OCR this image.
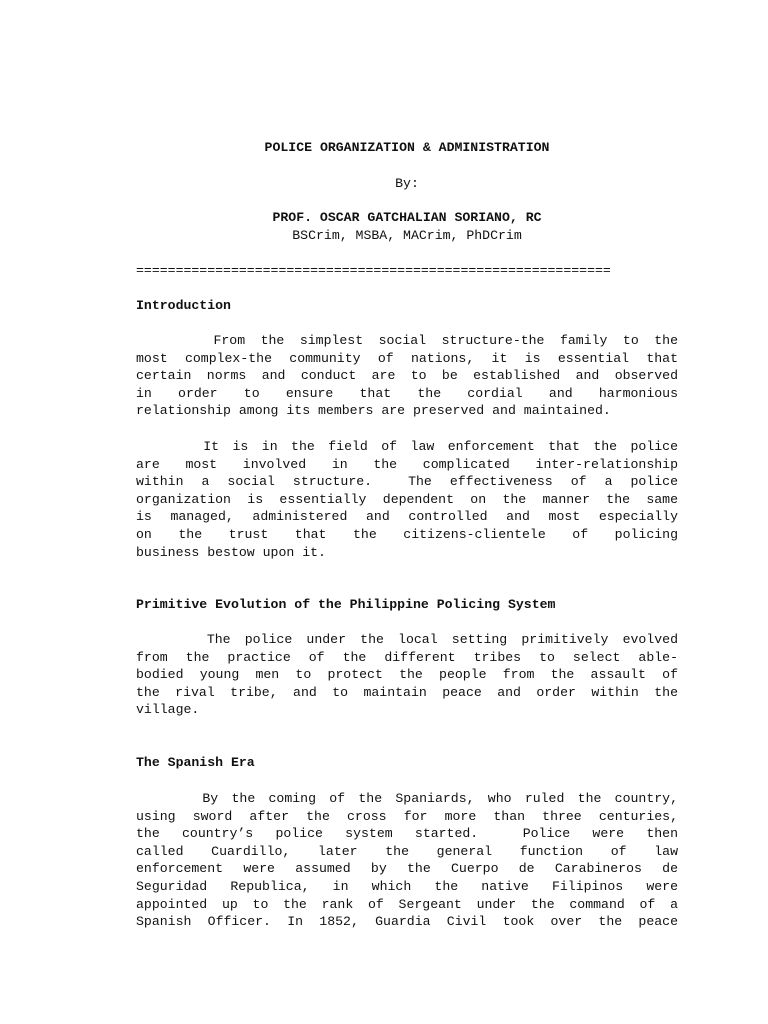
POLICE ORGANIZATION & ADMINISTRATION
By:
PROF. OSCAR GATCHALIAN SORIANO, RC
BSCrim, MSBA, MACrim, PhDCrim
============================================================
Introduction
From the simplest social structure-the family to the
most complex-the community of nations, it is essential that
certain norms and conduct are to be established and observed
in order to ensure that the cordial and harmonious
relationship among its members are preserved and maintained.
It is in the field of law enforcement that the police
are most involved in the complicated inter-relationship
within a social structure.  The effectiveness of a police
organization is essentially dependent on the manner the same
is managed, administered and controlled and most especially
on the trust that the citizens-clientele of policing
business bestow upon it.
Primitive Evolution of the Philippine Policing System
The police under the local setting primitively evolved
from the practice of the different tribes to select able-
bodied young men to protect the people from the assault of
the rival tribe, and to maintain peace and order within the
village.
The Spanish Era
By the coming of the Spaniards, who ruled the country,
using sword after the cross for more than three centuries,
the country’s police system started.  Police were then
called Cuardillo, later the general function of law
enforcement were assumed by the Cuerpo de Carabineros de
Seguridad Republica, in which the native Filipinos were
appointed up to the rank of Sergeant under the command of a
Spanish Officer. In 1852, Guardia Civil took over the peace
